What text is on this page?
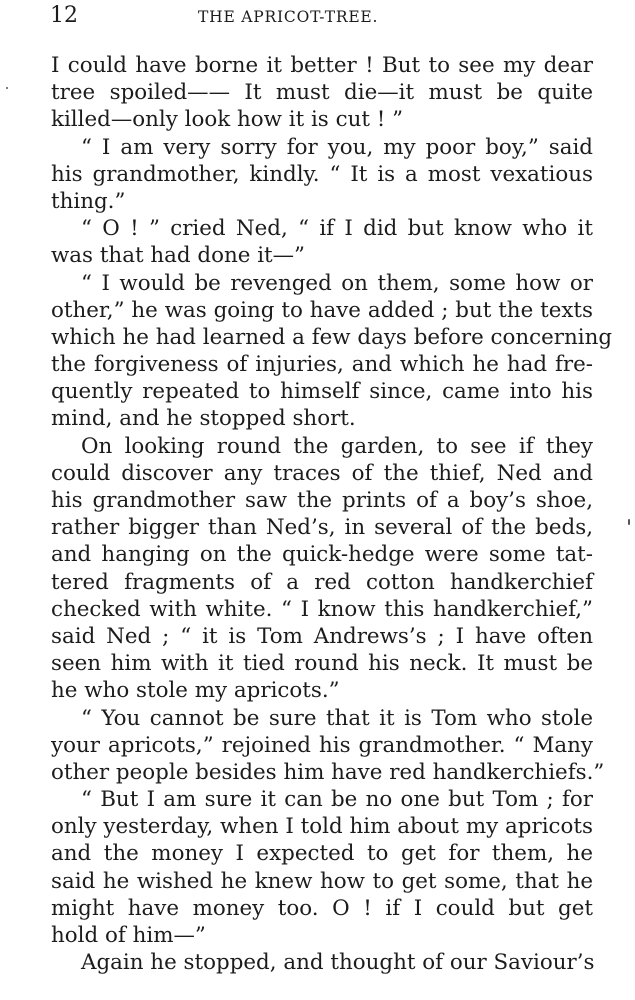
12	THE APRICOT-TREE.
I could have borne it better ! But to see my dear
tree spoiled—— It must die—it must be quite
killed—only look how it is cut ! ”
“ I am very sorry for you, my poor boy,” said
his grandmother, kindly. “ It is a most vexatious
thing.”
“ O ! ” cried Ned, “ if I did but know who it
was that had done it—”
“ I would be revenged on them, some how or
other,” he was going to have added ; but the texts
which he had learned a few days before concerning
the forgiveness of injuries, and which he had fre-
quently repeated to himself since, came into his
mind, and he stopped short.
On looking round the garden, to see if they
could discover any traces of the thief, Ned and
his grandmother saw the prints of a boy’s shoe,
rather bigger than Ned’s, in several of the beds,
and hanging on the quick-hedge were some tat-
tered fragments of a red cotton handkerchief
checked with white. “ I know this handkerchief,”
said Ned ; “ it is Tom Andrews’s ; I have often
seen him with it tied round his neck. It must be
he who stole my apricots.”
“ You cannot be sure that it is Tom who stole
your apricots,” rejoined his grandmother. “ Many
other people besides him have red handkerchiefs.”
“ But I am sure it can be no one but Tom ; for
only yesterday, when I told him about my apricots
and the money I expected to get for them, he
said he wished he knew how to get some, that he
might have money too. O ! if I could but get
hold of him—”
Again he stopped, and thought of our Saviour’s
